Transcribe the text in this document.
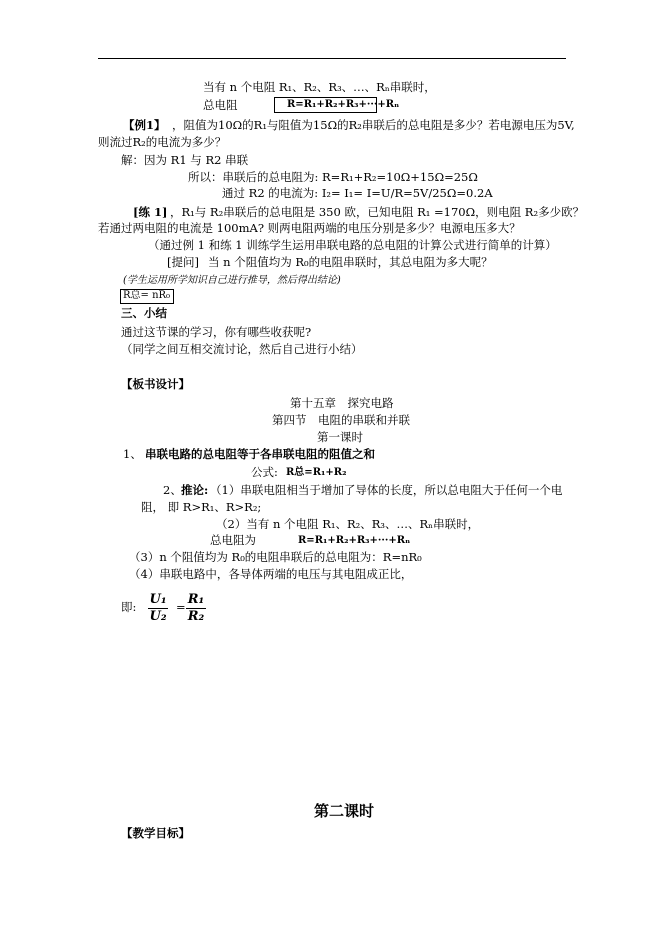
当有 n 个电阻 R₁、R₂、R₃、…、Rₙ串联时，
总电阻	R=R₁+R₂+R₃+···+Rₙ
【例1】 ，阻值为10Ω的R₁与阻值为15Ω的R₂串联后的总电阻是多少？若电源电压为5V,
则流过R₂的电流为多少？
解：因为 R1 与 R2 串联
所以：串联后的总电阻为: R=R₁+R₂=10Ω+15Ω=25Ω
通过 R2 的电流为: I₂= I₁= I=U/R=5V/25Ω=0.2A
[练 1] ，R₁与 R₂串联后的总电阻是 350 欧，已知电阻 R₁ =170Ω，则电阻 R₂多少欧？
若通过两电阻的电流是 100mA? 则两电阻两端的电压分别是多少？电源电压多大？
（通过例 1 和练 1 训练学生运用串联电路的总电阻的计算公式进行简单的计算）
[提问] 当 n 个阻值均为 R₀的电阻串联时，其总电阻为多大呢？
(学生运用所学知识自己进行推导，然后得出结论)
R总= nR₀
三、小结
通过这节课的学习，你有哪些收获呢?
（同学之间互相交流讨论，然后自己进行小结）
【板书设计】
第十五章　探究电路
第四节　电阻的串联和并联
第一课时
1、 串联电路的总电阻等于各串联电阻的阻值之和
公式: R总=R₁+R₂
2、 推论: （1）串联电阻相当于增加了导体的长度，所以总电阻大于任何一个电
阻， 即 R>R₁、R>R₂;
（2）当有 n 个电阻 R₁、R₂、R₃、…、Rₙ串联时，
总电阻为	R=R₁+R₂+R₃+···+Rₙ
（3）n 个阻值均为 R₀的电阻串联后的总电阻为：R=nR₀
（4）串联电路中，各导体两端的电压与其电阻成正比，
即: $\frac{\text{U₁}}{\text{U₂}} = \frac{\text{R₁}}{\text{R₂}}$
第二课时
【教学目标】
